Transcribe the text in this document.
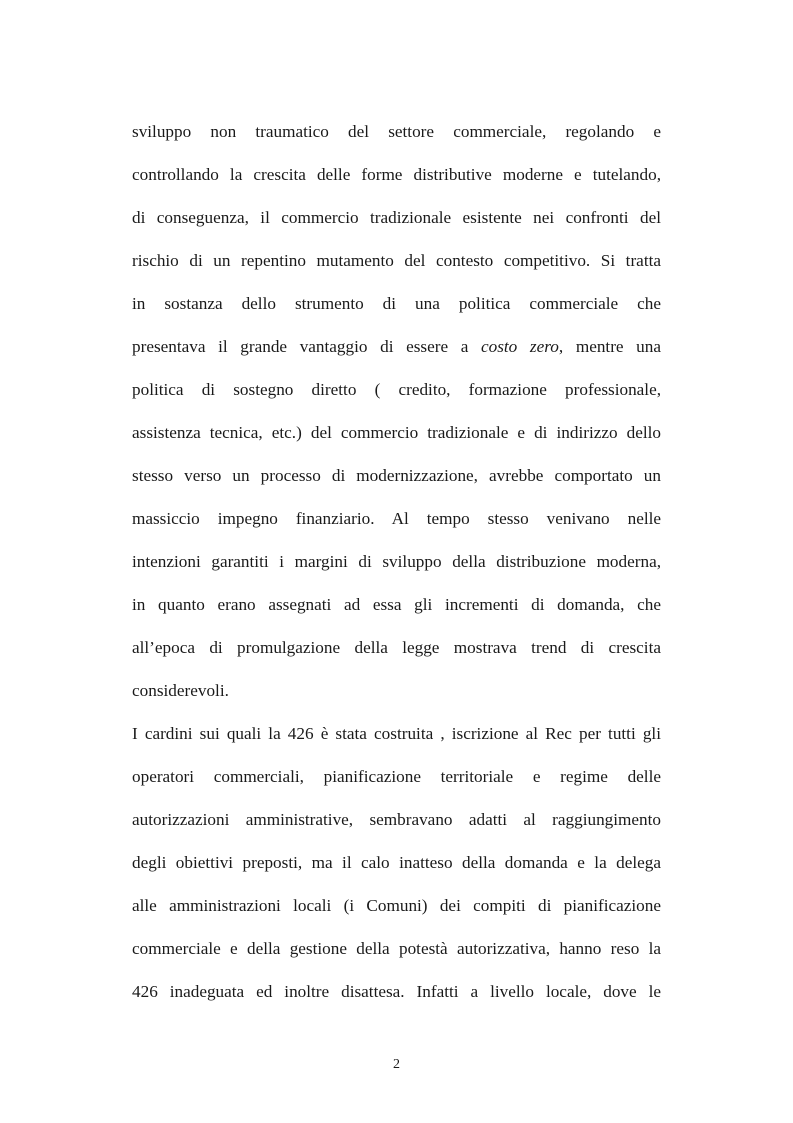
sviluppo non traumatico del settore commerciale, regolando e
controllando la crescita delle forme distributive moderne e tutelando,
di conseguenza, il commercio tradizionale esistente nei confronti del
rischio di un repentino mutamento del contesto competitivo. Si tratta
in sostanza dello strumento di una politica commerciale che
presentava il grande vantaggio di essere a costo zero, mentre una
politica di sostegno diretto ( credito, formazione professionale,
assistenza tecnica, etc.) del commercio tradizionale e di indirizzo dello
stesso verso un processo di modernizzazione, avrebbe comportato un
massiccio impegno finanziario. Al tempo stesso venivano nelle
intenzioni garantiti i margini di sviluppo della distribuzione moderna,
in quanto erano assegnati ad essa gli incrementi di domanda, che
all’epoca di promulgazione della legge mostrava trend di crescita
considerevoli.
I cardini sui quali la 426 è stata costruita , iscrizione al Rec per tutti gli
operatori commerciali, pianificazione territoriale e regime delle
autorizzazioni amministrative, sembravano adatti al raggiungimento
degli obiettivi preposti, ma il calo inatteso della domanda e la delega
alle amministrazioni locali (i Comuni) dei compiti di pianificazione
commerciale e della gestione della potestà autorizzativa, hanno reso la
426 inadeguata ed inoltre disattesa. Infatti a livello locale, dove le
2
